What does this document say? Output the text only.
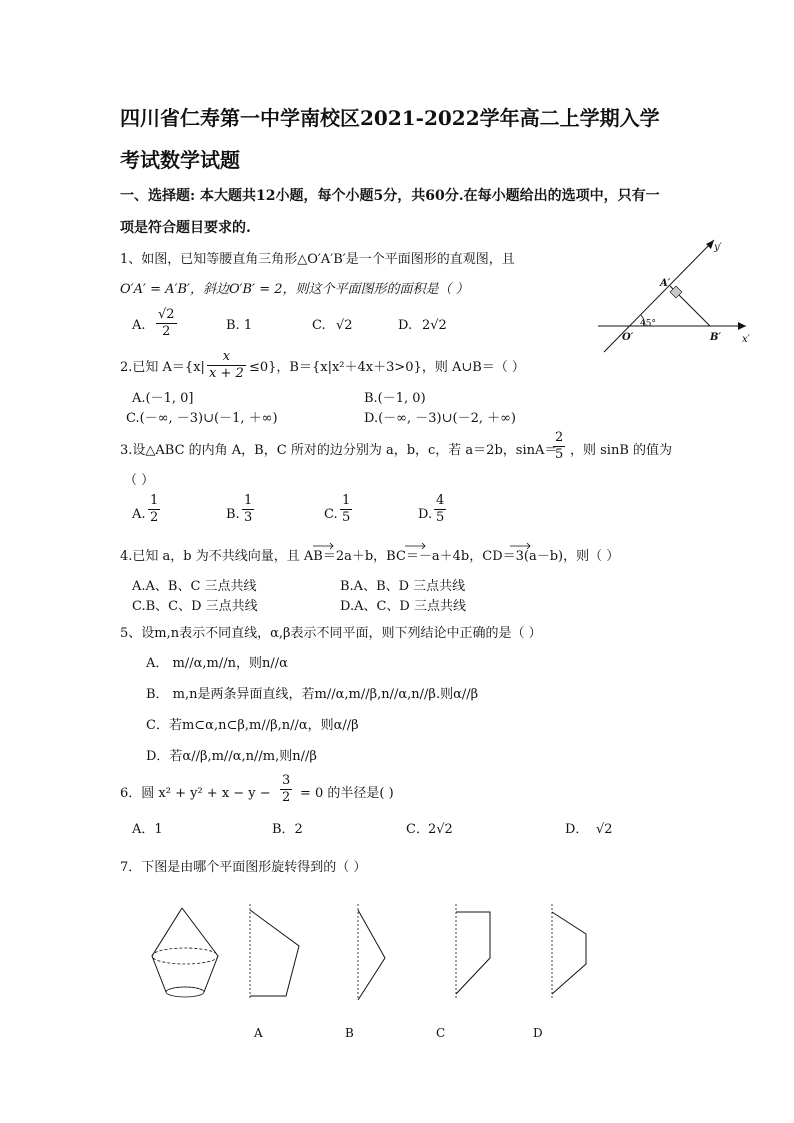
四川省仁寿第一中学南校区2021-2022学年高二上学期入学
考试数学试题
一、选择题: 本大题共12小题，每个小题5分，共60分.在每小题给出的选项中，只有一
项是符合题目要求的.
1、如图，已知等腰直角三角形△O′A′B′是一个平面图形的直观图，且
O′A′ = A′B′，斜边O′B′ = 2，则这个平面图形的面积是（ ）
A.
√2
2	B. 1	C. √2	D. 2√2
y′
x′
A′
O′	B′
45°
2.已知 A＝{x|
x
x + 2 ≤0}，B＝{x|x²＋4x＋3>0}，则 A∪B＝（ ）
A.(－1, 0]	B.(－1, 0)
C.(－∞, －3)∪(－1, ＋∞)	D.(－∞, －3)∪(－2, ＋∞)
3.设△ABC 的内角 A，B，C 所对的边分别为 a，b，c，若 a＝2b，sinA＝
2
5 ，则 sinB 的值为
（ ）
A.
1
2	B.
1
3	C.
1
5	D.
4
5
4.已知 a，b 为不共线向量，且 AB＝2a＋b，BC＝－a＋4b，CD＝3(a－b)，则（ ）
A.A、B、C 三点共线	B.A、B、D 三点共线
C.B、C、D 三点共线	D.A、C、D 三点共线
5、设m,n表示不同直线，α,β表示不同平面，则下列结论中正确的是（ ）
A． m//α,m//n，则n//α
B． m,n是两条异面直线，若m//α,m//β,n//α,n//β.则α//β
C．若m⊂α,n⊂β,m//β,n//α，则α//β
D．若α//β,m//α,n//m,则n//β
6．圆 x² + y² + x − y −
3
2 = 0 的半径是( )
A．1	B．2	C． 2√2	D． √2
7．下图是由哪个平面图形旋转得到的（ ）
A	B	C	D
